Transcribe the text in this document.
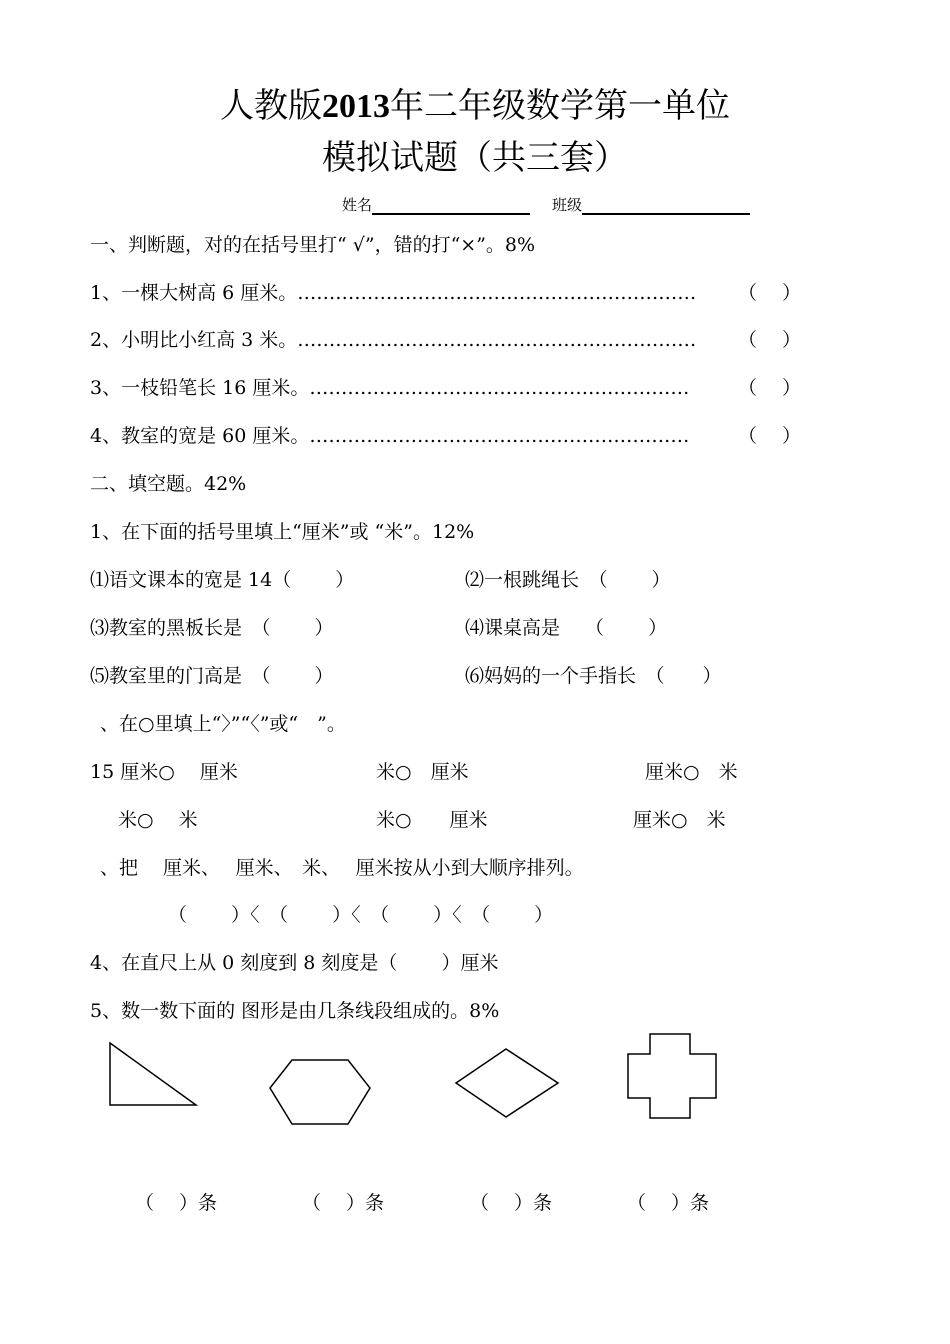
人教版2013年二年级数学第一单位
模拟试题（共三套）
姓名	班级
一、判断题，对的在括号里打“ √”，错的打“×”。8%
1、一棵大树高 6 厘米。……………………………………………………… （　 ）
2、小明比小红高 3 米。……………………………………………………… （　 ）
3、一枝铅笔长 16 厘米。……………………………………………………	（　 ）
4、教室的宽是 60 厘米。……………………………………………………	（　 ）
二、填空题。42%
1、在下面的括号里填上“厘米”或 “米”。12%
⑴语文课本的宽是 14（　　 ）	⑵一根跳绳长　（　　 ）
⑶教室的黑板长是　（　　 ）	⑷课桌高是　 （　　 ）
⑸教室里的门高是　（　　 ）	⑹妈妈的一个手指长　（　　）
、在○里填上“〉”“〈”或“　”。
15 厘米○　 厘米	米○　厘米	厘米○　米
米○　 米	米○　　厘米	厘米○　米
、把　 厘米、　 厘米、　米、　 厘米按从小到大顺序排列。
（　　 ）〈　（　　 ）〈　（　　 ）〈　（　　 ）
4、在直尺上从 0 刻度到 8 刻度是（　　 ）厘米
5、数一数下面的 图形是由几条线段组成的。8%
（　 ）条	（　 ）条	（　 ）条	（　 ）条
